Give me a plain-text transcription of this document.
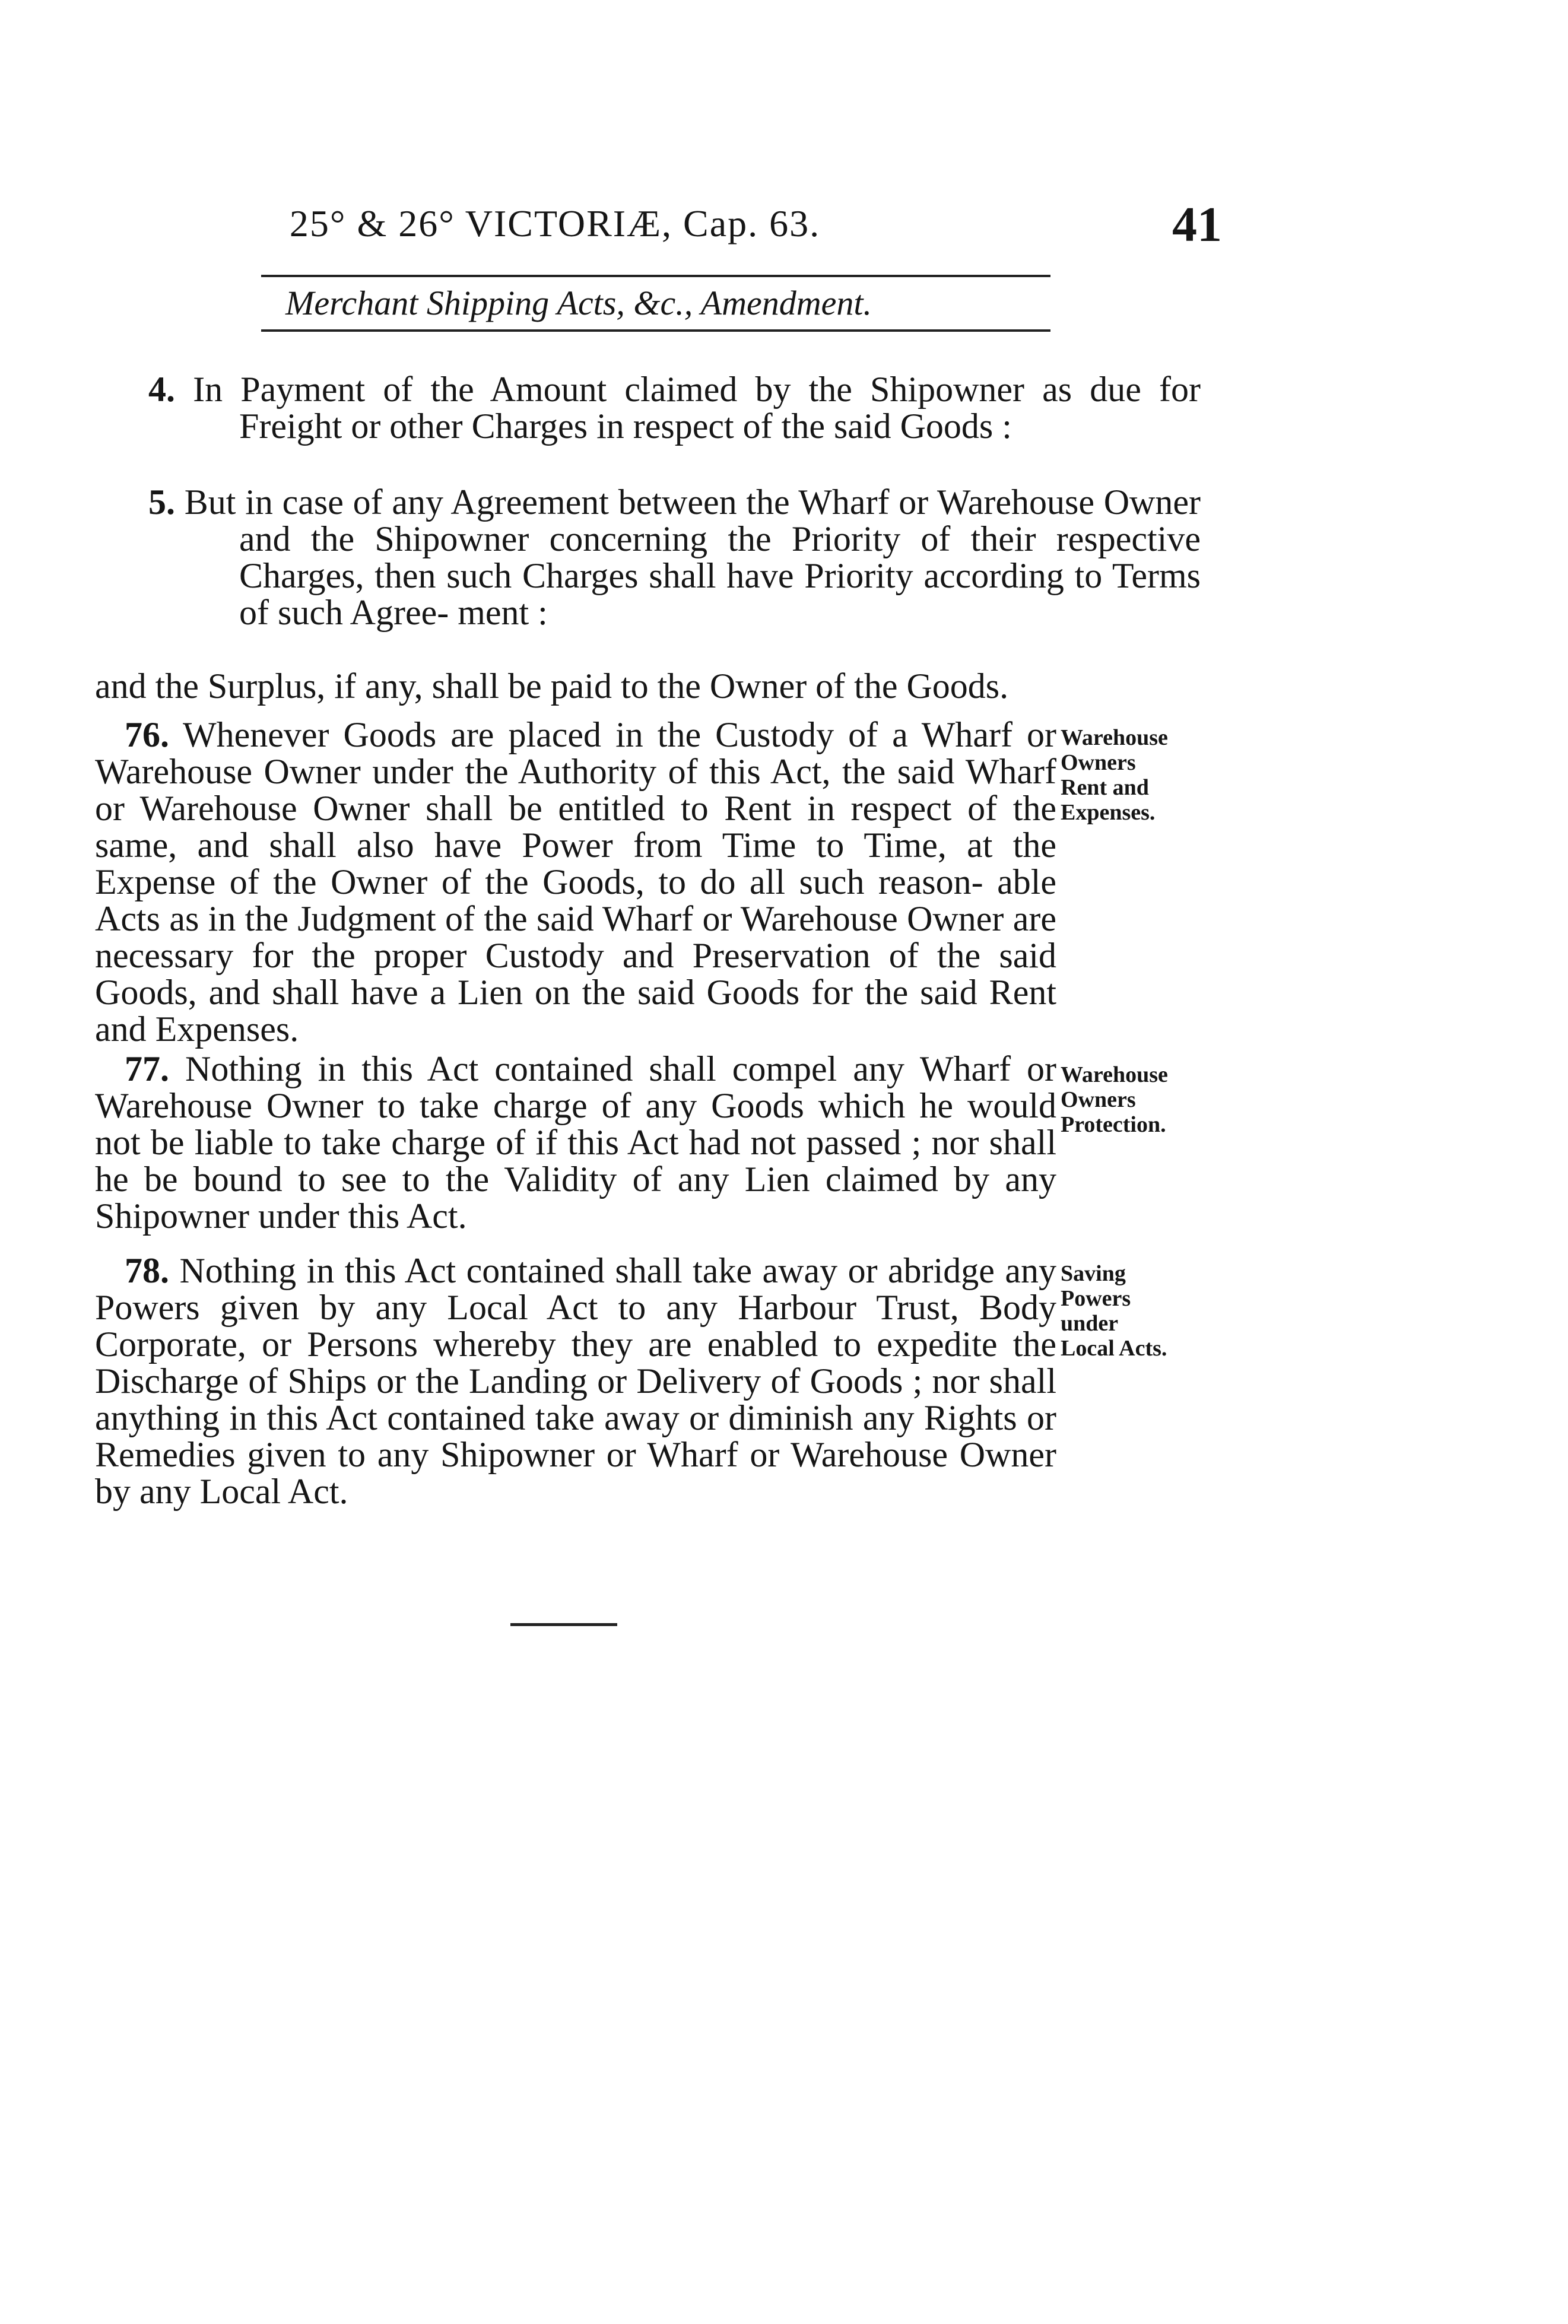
25° & 26° VICTORIÆ, Cap. 63.	41
Merchant Shipping Acts, &c., Amendment.
4. In Payment of the Amount claimed by the Shipowner as due for Freight or other Charges in respect of the said Goods :
5. But in case of any Agreement between the Wharf or Warehouse Owner and the Shipowner concerning the Priority of their respective Charges, then such Charges shall have Priority according to Terms of such Agree- ment :
and the Surplus, if any, shall be paid to the Owner of the Goods.
76. Whenever Goods are placed in the Custody of a Wharf or Warehouse Owner under the Authority of this Act, the said Wharf or Warehouse Owner shall be entitled to Rent in respect of the same, and shall also have Power from Time to Time, at the Expense of the Owner of the Goods, to do all such reason- able Acts as in the Judgment of the said Wharf or Warehouse Owner are necessary for the proper Custody and Preservation of the said Goods, and shall have a Lien on the said Goods for the said Rent and Expenses.
Warehouse
Owners
Rent and
Expenses.
77. Nothing in this Act contained shall compel any Wharf or Warehouse Owner to take charge of any Goods which he would not be liable to take charge of if this Act had not passed ; nor shall he be bound to see to the Validity of any Lien claimed by any Shipowner under this Act.
Warehouse
Owners
Protection.
78. Nothing in this Act contained shall take away or abridge any Powers given by any Local Act to any Harbour Trust, Body Corporate, or Persons whereby they are enabled to expedite the Discharge of Ships or the Landing or Delivery of Goods ; nor shall anything in this Act contained take away or diminish any Rights or Remedies given to any Shipowner or Wharf or Warehouse Owner by any Local Act.
Saving
Powers
under
Local Acts.
